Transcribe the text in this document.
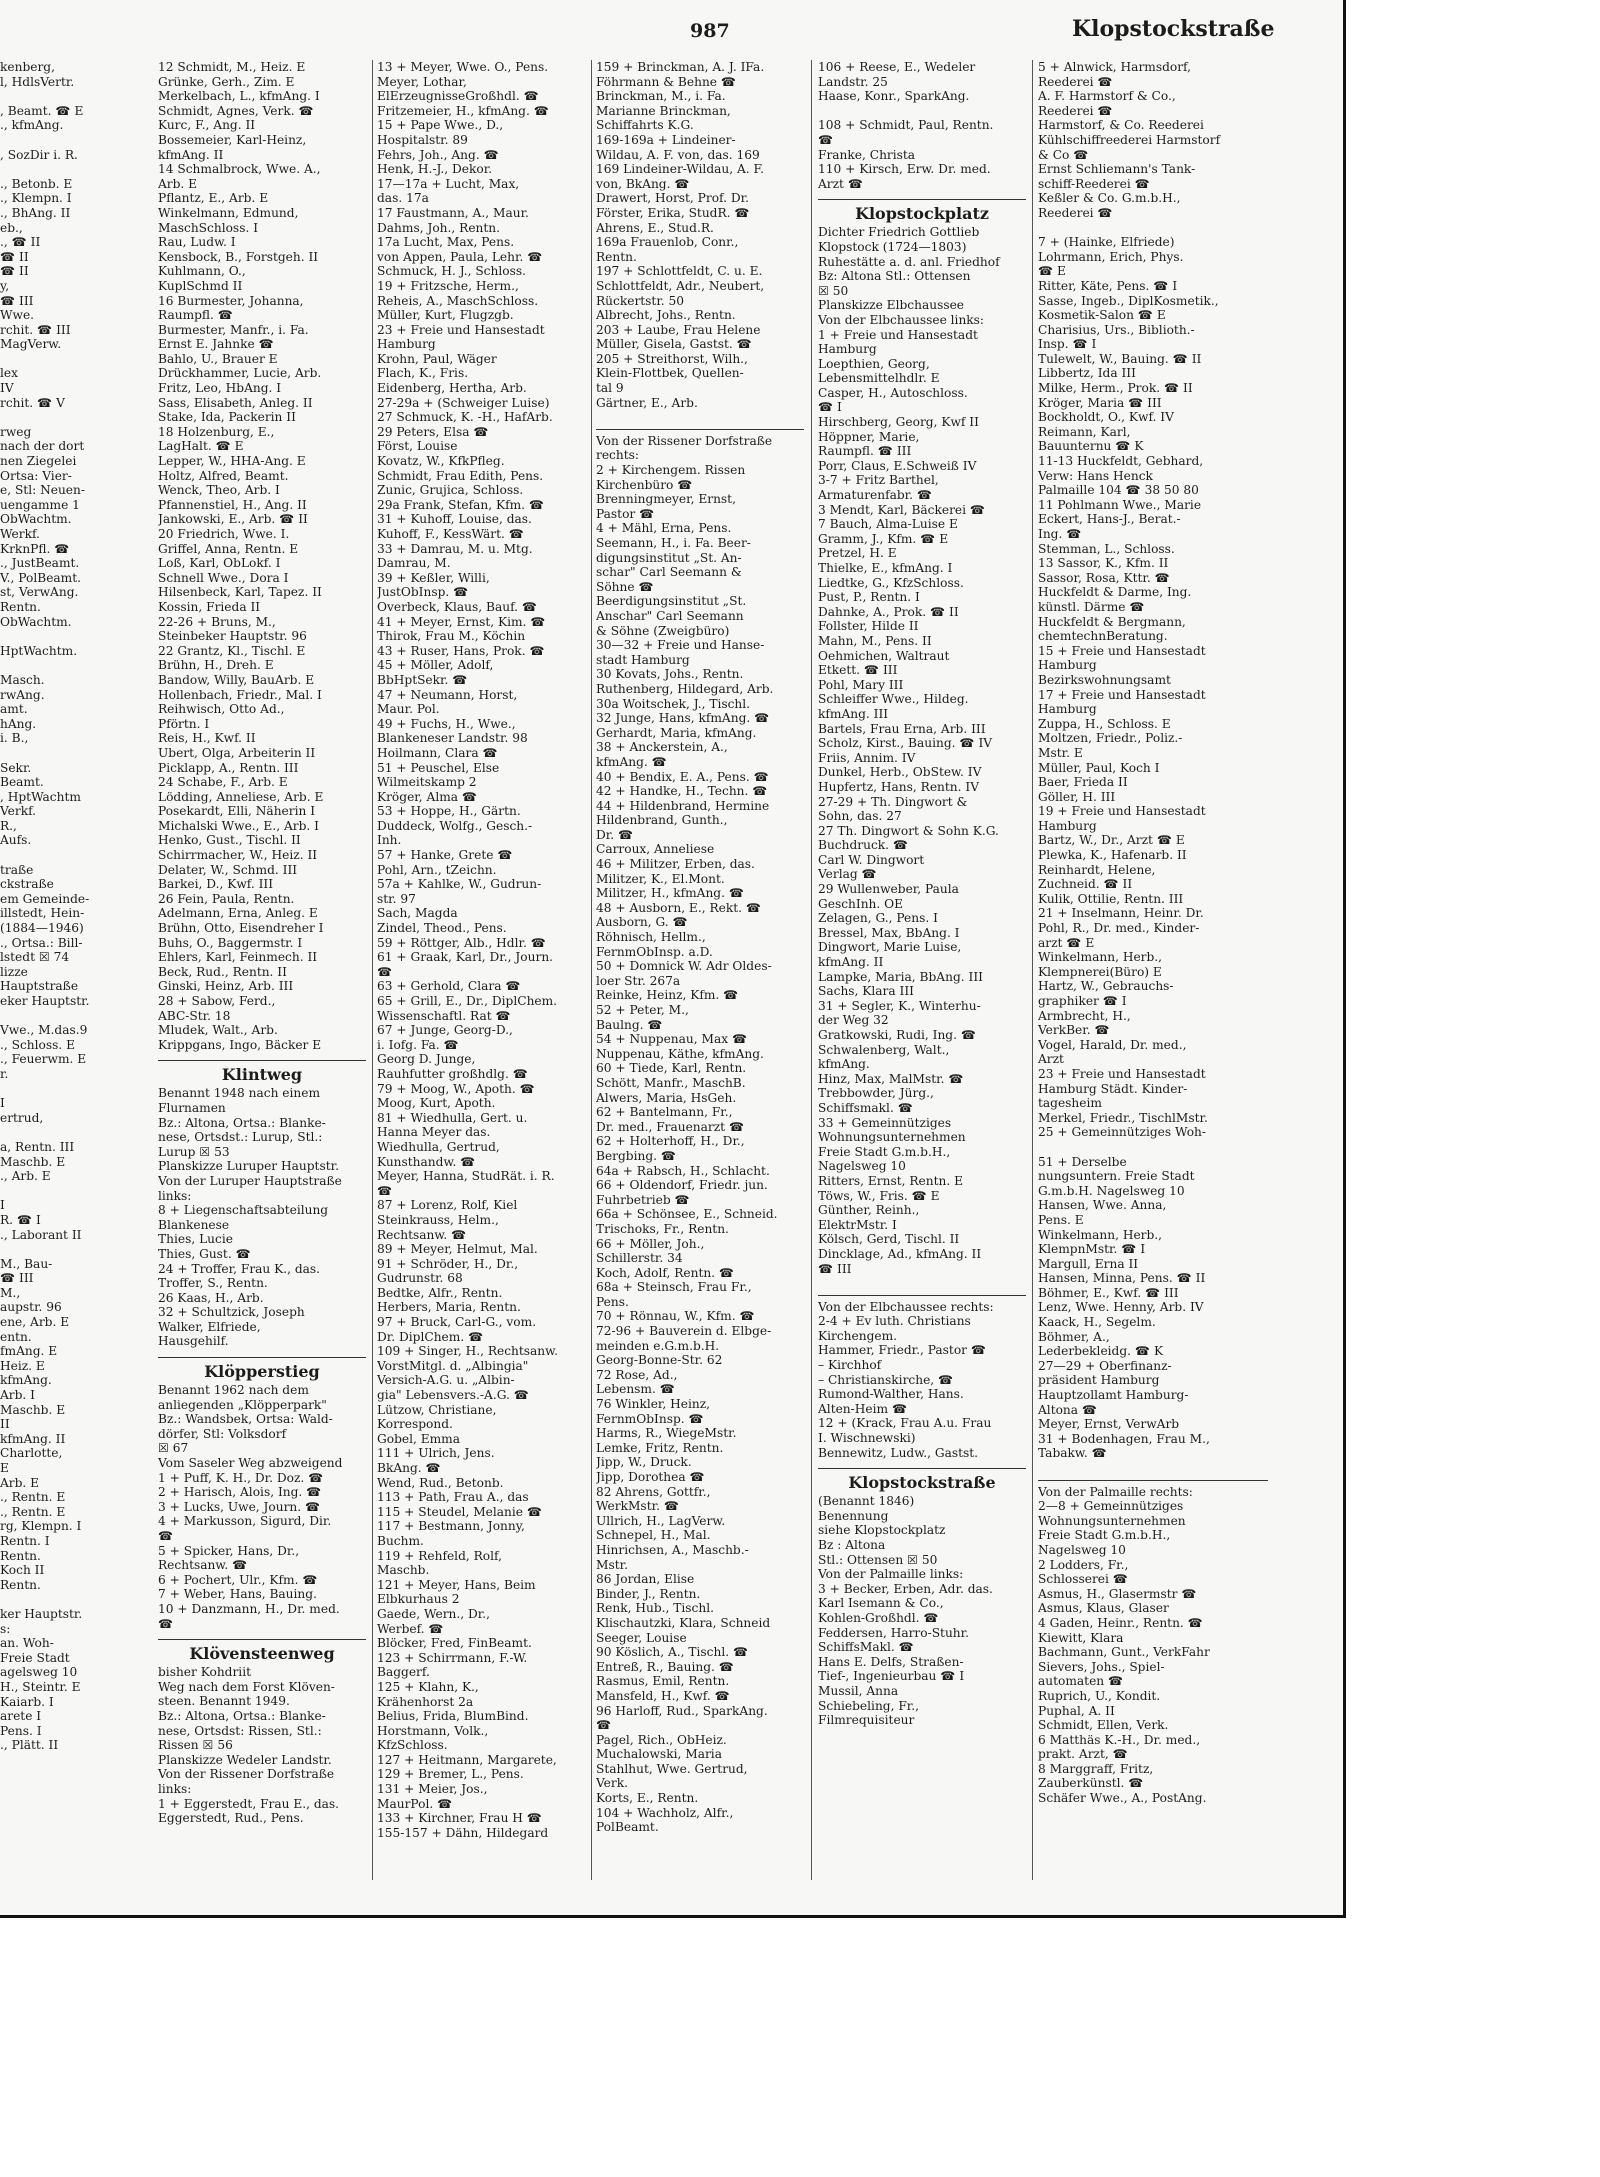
987	Klopstockstraße
kenberg,
l, HdlsVertr.

, Beamt. ☎ E
., kfmAng.

, SozDir i. R.

., Betonb. E
., Klempn. I
., BhAng. II
eb.,
., ☎ II
☎ II
☎ II
y,
☎ III
Wwe.
rchit. ☎ III
MagVerw.

lex
IV
rchit. ☎ V

rweg
nach der dort
nen Ziegelei
Ortsa: Vier-
e, Stl: Neuen-
uengamme 1
ObWachtm.
Werkf.
KrknPfl. ☎
., JustBeamt.
V., PolBeamt.
st, VerwAng.
Rentn.
ObWachtm.

HptWachtm.

Masch.
rwAng.
amt.
hAng.
i. B.,

Sekr.
Beamt.
, HptWachtm
Verkf.
R.,
Aufs.

traße
ckstraße
em Gemeinde-
illstedt, Hein-
(1884—1946)
., Ortsa.: Bill-
lstedt ☒ 74
lizze
Hauptstraße
eker Hauptstr.

Vwe., M.das.9
., Schloss. E
., Feuerwm. E
r.

I
ertrud,

a, Rentn. III
Maschb. E
., Arb. E

I
R. ☎ I
., Laborant II

M., Bau-
☎ III
M.,
aupstr. 96
ene, Arb. E
entn.
fmAng. E
Heiz. E
kfmAng.
Arb. I
Maschb. E
II
kfmAng. II
Charlotte,
E
Arb. E
., Rentn. E
., Rentn. E
rg, Klempn. I
Rentn. I
Rentn.
Koch II
Rentn.

ker Hauptstr.
s:
an. Woh-
Freie Stadt
agelsweg 10
H., Steintr. E
Kaiarb. I
arete I
Pens. I
., Plätt. II
12 Schmidt, M., Heiz. E
Grünke, Gerh., Zim. E
Merkelbach, L., kfmAng. I
Schmidt, Agnes, Verk. ☎
Kurc, F., Ang. II
Bossemeier, Karl-Heinz,
kfmAng. II
14 Schmalbrock, Wwe. A.,
Arb. E
Pflantz, E., Arb. E
Winkelmann, Edmund,
MaschSchloss. I
Rau, Ludw. I
Kensbock, B., Forstgeh. II
Kuhlmann, O.,
KuplSchmd II
16 Burmester, Johanna,
Raumpfl. ☎
Burmester, Manfr., i. Fa.
Ernst E. Jahnke ☎
Bahlo, U., Brauer E
Drückhammer, Lucie, Arb.
Fritz, Leo, HbAng. I
Sass, Elisabeth, Anleg. II
Stake, Ida, Packerin II
18 Holzenburg, E.,
LagHalt. ☎ E
Lepper, W., HHA-Ang. E
Holtz, Alfred, Beamt.
Wenck, Theo, Arb. I
Pfannenstiel, H., Ang. II
Jankowski, E., Arb. ☎ II
20 Friedrich, Wwe. I.
Griffel, Anna, Rentn. E
Loß, Karl, ObLokf. I
Schnell Wwe., Dora I
Hilsenbeck, Karl, Tapez. II
Kossin, Frieda II
22-26 + Bruns, M.,
Steinbeker Hauptstr. 96
22 Grantz, Kl., Tischl. E
Brühn, H., Dreh. E
Bandow, Willy, BauArb. E
Hollenbach, Friedr., Mal. I
Reihwisch, Otto Ad.,
Pförtn. I
Reis, H., Kwf. II
Ubert, Olga, Arbeiterin II
Picklapp, A., Rentn. III
24 Schabe, F., Arb. E
Lödding, Anneliese, Arb. E
Posekardt, Elli, Näherin I
Michalski Wwe., E., Arb. I
Henko, Gust., Tischl. II
Schirrmacher, W., Heiz. II
Delater, W., Schmd. III
Barkei, D., Kwf. III
26 Fein, Paula, Rentn.
Adelmann, Erna, Anleg. E
Brühn, Otto, Eisendreher I
Buhs, O., Baggermstr. I
Ehlers, Karl, Feinmech. II
Beck, Rud., Rentn. II
Ginski, Heinz, Arb. III
28 + Sabow, Ferd.,
ABC-Str. 18
Mludek, Walt., Arb.
Krippgans, Ingo, Bäcker E
Klintweg
Benannt 1948 nach einem
Flurnamen
Bz.: Altona, Ortsa.: Blanke-
nese, Ortsdst.: Lurup, Stl.:
Lurup ☒ 53
Planskizze Luruper Hauptstr.
Von der Luruper Hauptstraße
links:
8 + Liegenschaftsabteilung
Blankenese
Thies, Lucie
Thies, Gust. ☎
24 + Troffer, Frau K., das.
Troffer, S., Rentn.
26 Kaas, H., Arb.
32 + Schultzick, Joseph
Walker, Elfriede,
Hausgehilf.
Klöpperstieg
Benannt 1962 nach dem
anliegenden „Klöpperpark"
Bz.: Wandsbek, Ortsa: Wald-
dörfer, Stl: Volksdorf
☒ 67
Vom Saseler Weg abzweigend
1 + Puff, K. H., Dr. Doz. ☎
2 + Harisch, Alois, Ing. ☎
3 + Lucks, Uwe, Journ. ☎
4 + Markusson, Sigurd, Dir.
☎
5 + Spicker, Hans, Dr.,
Rechtsanw. ☎
6 + Pochert, Ulr., Kfm. ☎
7 + Weber, Hans, Bauing.
10 + Danzmann, H., Dr. med.
☎
Klövensteenweg
bisher Kohdriit
Weg nach dem Forst Klöven-
steen. Benannt 1949.
Bz.: Altona, Ortsa.: Blanke-
nese, Ortsdst: Rissen, Stl.:
Rissen ☒ 56
Planskizze Wedeler Landstr.
Von der Rissener Dorfstraße
links:
1 + Eggerstedt, Frau E., das.
Eggerstedt, Rud., Pens.
13 + Meyer, Wwe. O., Pens.
Meyer, Lothar,
ElErzeugnisseGroßhdl. ☎
Fritzemeier, H., kfmAng. ☎
15 + Pape Wwe., D.,
Hospitalstr. 89
Fehrs, Joh., Ang. ☎
Henk, H.-J., Dekor.
17—17a + Lucht, Max,
das. 17a
17 Faustmann, A., Maur.
Dahms, Joh., Rentn.
17a Lucht, Max, Pens.
von Appen, Paula, Lehr. ☎
Schmuck, H. J., Schloss.
19 + Fritzsche, Herm.,
Reheis, A., MaschSchloss.
Müller, Kurt, Flugzgb.
23 + Freie und Hansestadt
Hamburg
Krohn, Paul, Wäger
Flach, K., Fris.
Eidenberg, Hertha, Arb.
27-29a + (Schweiger Luise)
27 Schmuck, K. -H., HafArb.
29 Peters, Elsa ☎
Först, Louise
Kovatz, W., KfkPfleg.
Schmidt, Frau Edith, Pens.
Zunic, Grujica, Schloss.
29a Frank, Stefan, Kfm. ☎
31 + Kuhoff, Louise, das.
Kuhoff, F., KessWärt. ☎
33 + Damrau, M. u. Mtg.
Damrau, M.
39 + Keßler, Willi,
JustObInsp. ☎
Overbeck, Klaus, Bauf. ☎
41 + Meyer, Ernst, Kim. ☎
Thirok, Frau M., Köchin
43 + Ruser, Hans, Prok. ☎
45 + Möller, Adolf,
BbHptSekr. ☎
47 + Neumann, Horst,
Maur. Pol.
49 + Fuchs, H., Wwe.,
Blankeneser Landstr. 98
Hoilmann, Clara ☎
51 + Peuschel, Else
Wilmeitskamp 2
Kröger, Alma ☎
53 + Hoppe, H., Gärtn.
Duddeck, Wolfg., Gesch.-
Inh.
57 + Hanke, Grete ☎
Pohl, Arn., tZeichn.
57a + Kahlke, W., Gudrun-
str. 97
Sach, Magda
Zindel, Theod., Pens.
59 + Röttger, Alb., Hdlr. ☎
61 + Graak, Karl, Dr., Journ.
☎
63 + Gerhold, Clara ☎
65 + Grill, E., Dr., DiplChem.
Wissenschaftl. Rat ☎
67 + Junge, Georg-D.,
i. Iofg. Fa. ☎
Georg D. Junge,
Rauhfutter großhdlg. ☎
79 + Moog, W., Apoth. ☎
Moog, Kurt, Apoth.
81 + Wiedhulla, Gert. u.
Hanna Meyer das.
Wiedhulla, Gertrud,
Kunsthandw. ☎
Meyer, Hanna, StudRät. i. R.
☎
87 + Lorenz, Rolf, Kiel
Steinkrauss, Helm.,
Rechtsanw. ☎
89 + Meyer, Helmut, Mal.
91 + Schröder, H., Dr.,
Gudrunstr. 68
Bedtke, Alfr., Rentn.
Herbers, Maria, Rentn.
97 + Bruck, Carl-G., vom.
Dr. DiplChem. ☎
109 + Singer, H., Rechtsanw.
VorstMitgl. d. „Albingia"
Versich-A.G. u. „Albin-
gia" Lebensvers.-A.G. ☎
Lützow, Christiane,
Korrespond.
Gobel, Emma
111 + Ulrich, Jens.
BkAng. ☎
Wend, Rud., Betonb.
113 + Path, Frau A., das
115 + Steudel, Melanie ☎
117 + Bestmann, Jonny,
Buchm.
119 + Rehfeld, Rolf,
Maschb.
121 + Meyer, Hans, Beim
Elbkurhaus 2
Gaede, Wern., Dr.,
Werbef. ☎
Blöcker, Fred, FinBeamt.
123 + Schirrmann, F.-W.
Baggerf.
125 + Klahn, K.,
Krähenhorst 2a
Belius, Frida, BlumBind.
Horstmann, Volk.,
KfzSchloss.
127 + Heitmann, Margarete,
129 + Bremer, L., Pens.
131 + Meier, Jos.,
MaurPol. ☎
133 + Kirchner, Frau H ☎
155-157 + Dähn, Hildegard
159 + Brinckman, A. J. IFa.
Föhrmann & Behne ☎
Brinckman, M., i. Fa.
Marianne Brinckman,
Schiffahrts K.G.
169-169a + Lindeiner-
Wildau, A. F. von, das. 169
169 Lindeiner-Wildau, A. F.
von, BkAng. ☎
Drawert, Horst, Prof. Dr.
Förster, Erika, StudR. ☎
Ahrens, E., Stud.R.
169a Frauenlob, Conr.,
Rentn.
197 + Schlottfeldt, C. u. E.
Schlottfeldt, Adr., Neubert,
Rückertstr. 50
Albrecht, Johs., Rentn.
203 + Laube, Frau Helene
Müller, Gisela, Gastst. ☎
205 + Streithorst, Wilh.,
Klein-Flottbek, Quellen-
tal 9
Gärtner, E., Arb.

Von der Rissener Dorfstraße
rechts:
2 + Kirchengem. Rissen
Kirchenbüro ☎
Brenningmeyer, Ernst,
Pastor ☎
4 + Mähl, Erna, Pens.
Seemann, H., i. Fa. Beer-
digungsinstitut „St. An-
schar" Carl Seemann &
Söhne ☎
Beerdigungsinstitut „St.
Anschar" Carl Seemann
& Söhne (Zweigbüro)
30—32 + Freie und Hanse-
stadt Hamburg
30 Kovats, Johs., Rentn.
Ruthenberg, Hildegard, Arb.
30a Woitschek, J., Tischl.
32 Junge, Hans, kfmAng. ☎
Gerhardt, Maria, kfmAng.
38 + Anckerstein, A.,
kfmAng. ☎
40 + Bendix, E. A., Pens. ☎
42 + Handke, H., Techn. ☎
44 + Hildenbrand, Hermine
Hildenbrand, Gunth.,
Dr. ☎
Carroux, Anneliese
46 + Militzer, Erben, das.
Militzer, K., El.Mont.
Militzer, H., kfmAng. ☎
48 + Ausborn, E., Rekt. ☎
Ausborn, G. ☎
Röhnisch, Hellm.,
FernmObInsp. a.D.
50 + Domnick W. Adr Oldes-
loer Str. 267a
Reinke, Heinz, Kfm. ☎
52 + Peter, M.,
Baulng. ☎
54 + Nuppenau, Max ☎
Nuppenau, Käthe, kfmAng.
60 + Tiede, Karl, Rentn.
Schött, Manfr., MaschB.
Alwers, Maria, HsGeh.
62 + Bantelmann, Fr.,
Dr. med., Frauenarzt ☎
62 + Holterhoff, H., Dr.,
Bergbing. ☎
64a + Rabsch, H., Schlacht.
66 + Oldendorf, Friedr. jun.
Fuhrbetrieb ☎
66a + Schönsee, E., Schneid.
Trischoks, Fr., Rentn.
66 + Möller, Joh.,
Schillerstr. 34
Koch, Adolf, Rentn. ☎
68a + Steinsch, Frau Fr.,
Pens.
70 + Rönnau, W., Kfm. ☎
72-96 + Bauverein d. Elbge-
meinden e.G.m.b.H.
Georg-Bonne-Str. 62
72 Rose, Ad.,
Lebensm. ☎
76 Winkler, Heinz,
FernmObInsp. ☎
Harms, R., WiegeMstr.
Lemke, Fritz, Rentn.
Jipp, W., Druck.
Jipp, Dorothea ☎
82 Ahrens, Gottfr.,
WerkMstr. ☎
Ullrich, H., LagVerw.
Schnepel, H., Mal.
Hinrichsen, A., Maschb.-
Mstr.
86 Jordan, Elise
Binder, J., Rentn.
Renk, Hub., Tischl.
Klischautzki, Klara, Schneid
Seeger, Louise
90 Köslich, A., Tischl. ☎
Entreß, R., Bauing. ☎
Rasmus, Emil, Rentn.
Mansfeld, H., Kwf. ☎
96 Harloff, Rud., SparkAng.
☎
Pagel, Rich., ObHeiz.
Muchalowski, Maria
Stahlhut, Wwe. Gertrud,
Verk.
Korts, E., Rentn.
104 + Wachholz, Alfr.,
PolBeamt.
106 + Reese, E., Wedeler
Landstr. 25
Haase, Konr., SparkAng.

108 + Schmidt, Paul, Rentn.
☎
Franke, Christa
110 + Kirsch, Erw. Dr. med.
Arzt ☎
Klopstockplatz
Dichter Friedrich Gottlieb
Klopstock (1724—1803)
Ruhestätte a. d. anl. Friedhof
Bz: Altona Stl.: Ottensen
☒ 50
Planskizze Elbchaussee
Von der Elbchaussee links:
1 + Freie und Hansestadt
Hamburg
Loepthien, Georg,
Lebensmittelhdlr. E
Casper, H., Autoschloss.
☎ I
Hirschberg, Georg, Kwf II
Höppner, Marie,
Raumpfl. ☎ III
Porr, Claus, E.Schweiß IV
3-7 + Fritz Barthel,
Armaturenfabr. ☎
3 Mendt, Karl, Bäckerei ☎
7 Bauch, Alma-Luise E
Gramm, J., Kfm. ☎ E
Pretzel, H. E
Thielke, E., kfmAng. I
Liedtke, G., KfzSchloss.
Pust, P., Rentn. I
Dahnke, A., Prok. ☎ II
Follster, Hilde II
Mahn, M., Pens. II
Oehmichen, Waltraut
Etkett. ☎ III
Pohl, Mary III
Schleiffer Wwe., Hildeg.
kfmAng. III
Bartels, Frau Erna, Arb. III
Scholz, Kirst., Bauing. ☎ IV
Friis, Annim. IV
Dunkel, Herb., ObStew. IV
Hupfertz, Hans, Rentn. IV
27-29 + Th. Dingwort &
Sohn, das. 27
27 Th. Dingwort & Sohn K.G.
Buchdruck. ☎
Carl W. Dingwort
Verlag ☎
29 Wullenweber, Paula
GeschInh. OE
Zelagen, G., Pens. I
Bressel, Max, BbAng. I
Dingwort, Marie Luise,
kfmAng. II
Lampke, Maria, BbAng. III
Sachs, Klara III
31 + Segler, K., Winterhu-
der Weg 32
Gratkowski, Rudi, Ing. ☎
Schwalenberg, Walt.,
kfmAng.
Hinz, Max, MalMstr. ☎
Trebbowder, Jürg.,
Schiffsmakl. ☎
33 + Gemeinnütziges
Wohnungsunternehmen
Freie Stadt G.m.b.H.,
Nagelsweg 10
Ritters, Ernst, Rentn. E
Töws, W., Fris. ☎ E
Günther, Reinh.,
ElektrMstr. I
Kölsch, Gerd, Tischl. II
Dincklage, Ad., kfmAng. II
☎ III

Von der Elbchaussee rechts:
2-4 + Ev luth. Christians
Kirchengem.
Hammer, Friedr., Pastor ☎
– Kirchhof
– Christianskirche, ☎
Rumond-Walther, Hans.
Alten-Heim ☎
12 + (Krack, Frau A.u. Frau
I. Wischnewski)
Bennewitz, Ludw., Gastst.
Klopstockstraße
(Benannt 1846)
Benennung
siehe Klopstockplatz
Bz : Altona
Stl.: Ottensen ☒ 50
Von der Palmaille links:
3 + Becker, Erben, Adr. das.
Karl Isemann & Co.,
Kohlen-Großhdl. ☎
Feddersen, Harro-Stuhr.
SchiffsMakl. ☎
Hans E. Delfs, Straßen-
Tief-, Ingenieurbau ☎ I
Mussil, Anna
Schiebeling, Fr.,
Filmrequisiteur
5 + Alnwick, Harmsdorf,
Reederei ☎
A. F. Harmstorf & Co.,
Reederei ☎
Harmstorf, & Co. Reederei
Kühlschiffreederei Harmstorf
& Co ☎
Ernst Schliemann's Tank-
schiff-Reederei ☎
Keßler & Co. G.m.b.H.,
Reederei ☎

7 + (Hainke, Elfriede)
Lohrmann, Erich, Phys.
☎ E
Ritter, Käte, Pens. ☎ I
Sasse, Ingeb., DiplKosmetik.,
Kosmetik-Salon ☎ E
Charisius, Urs., Biblioth.-
Insp. ☎ I
Tulewelt, W., Bauing. ☎ II
Libbertz, Ida III
Milke, Herm., Prok. ☎ II
Kröger, Maria ☎ III
Bockholdt, O., Kwf. IV
Reimann, Karl,
Bauunternu ☎ K
11-13 Huckfeldt, Gebhard,
Verw: Hans Henck
Palmaille 104 ☎ 38 50 80
11 Pohlmann Wwe., Marie
Eckert, Hans-J., Berat.-
Ing. ☎
Stemman, L., Schloss.
13 Sassor, K., Kfm. II
Sassor, Rosa, Kttr. ☎
Huckfeldt & Darme, Ing.
künstl. Därme ☎
Huckfeldt & Bergmann,
chemtechnBeratung.
15 + Freie und Hansestadt
Hamburg
Bezirkswohnungsamt
17 + Freie und Hansestadt
Hamburg
Zuppa, H., Schloss. E
Moltzen, Friedr., Poliz.-
Mstr. E
Müller, Paul, Koch I
Baer, Frieda II
Göller, H. III
19 + Freie und Hansestadt
Hamburg
Bartz, W., Dr., Arzt ☎ E
Plewka, K., Hafenarb. II
Reinhardt, Helene,
Zuchneid. ☎ II
Kulik, Ottilie, Rentn. III
21 + Inselmann, Heinr. Dr.
Pohl, R., Dr. med., Kinder-
arzt ☎ E
Winkelmann, Herb.,
Klempnerei(Büro) E
Hartz, W., Gebrauchs-
graphiker ☎ I
Armbrecht, H.,
VerkBer. ☎
Vogel, Harald, Dr. med.,
Arzt
23 + Freie und Hansestadt
Hamburg Städt. Kinder-
tagesheim
Merkel, Friedr., TischlMstr.
25 + Gemeinnütziges Woh-

51 + Derselbe
nungsuntern. Freie Stadt
G.m.b.H. Nagelsweg 10
Hansen, Wwe. Anna,
Pens. E
Winkelmann, Herb.,
KlempnMstr. ☎ I
Margull, Erna II
Hansen, Minna, Pens. ☎ II
Böhmer, E., Kwf. ☎ III
Lenz, Wwe. Henny, Arb. IV
Kaack, H., Segelm.
Böhmer, A.,
Lederbekleidg. ☎ K
27—29 + Oberfinanz-
präsident Hamburg
Hauptzollamt Hamburg-
Altona ☎
Meyer, Ernst, VerwArb
31 + Bodenhagen, Frau M.,
Tabakw. ☎

Von der Palmaille rechts:
2—8 + Gemeinnütziges
Wohnungsunternehmen
Freie Stadt G.m.b.H.,
Nagelsweg 10
2 Lodders, Fr.,
Schlosserei ☎
Asmus, H., Glasermstr ☎
Asmus, Klaus, Glaser
4 Gaden, Heinr., Rentn. ☎
Kiewitt, Klara
Bachmann, Gunt., VerkFahr
Sievers, Johs., Spiel-
automaten ☎
Ruprich, U., Kondit.
Puphal, A. II
Schmidt, Ellen, Verk.
6 Matthäs K.-H., Dr. med.,
prakt. Arzt, ☎
8 Marggraff, Fritz,
Zauberkünstl. ☎
Schäfer Wwe., A., PostAng.
